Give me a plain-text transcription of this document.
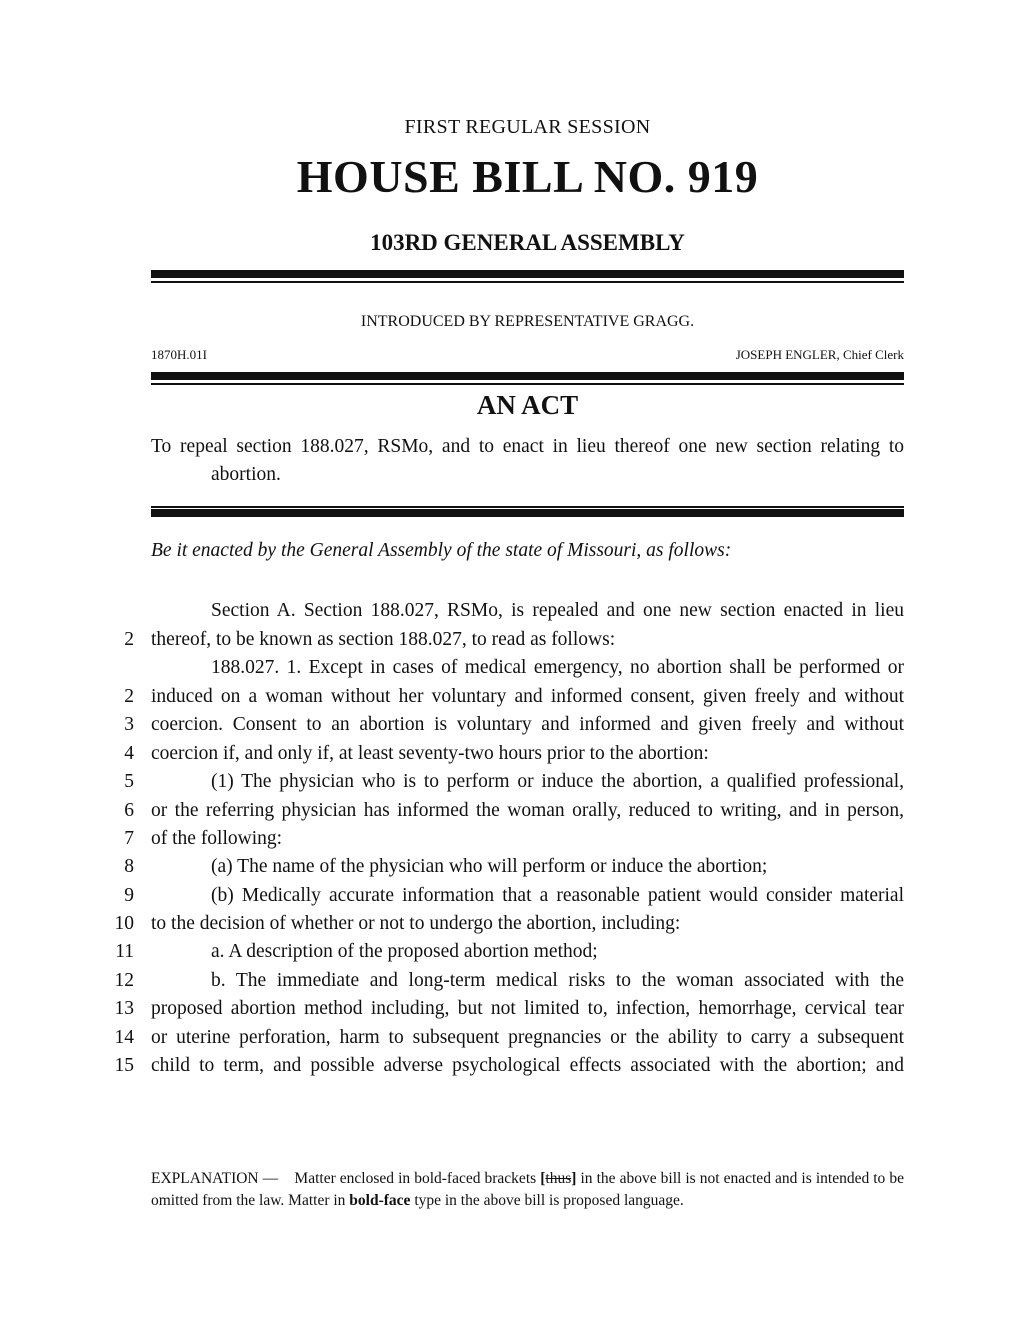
FIRST REGULAR SESSION
HOUSE BILL NO. 919
103RD GENERAL ASSEMBLY
INTRODUCED BY REPRESENTATIVE GRAGG.
1870H.01I	JOSEPH ENGLER, Chief Clerk
AN ACT
To repeal section 188.027, RSMo, and to enact in lieu thereof one new section relating to
abortion.
Be it enacted by the General Assembly of the state of Missouri, as follows:
Section A. Section 188.027, RSMo, is repealed and one new section enacted in lieu
2 thereof, to be known as section 188.027, to read as follows:
188.027. 1. Except in cases of medical emergency, no abortion shall be performed or
2 induced on a woman without her voluntary and informed consent, given freely and without
3 coercion. Consent to an abortion is voluntary and informed and given freely and without
4 coercion if, and only if, at least seventy-two hours prior to the abortion:
5	(1) The physician who is to perform or induce the abortion, a qualified professional,
6 or the referring physician has informed the woman orally, reduced to writing, and in person,
7 of the following:
8	(a) The name of the physician who will perform or induce the abortion;
9	(b) Medically accurate information that a reasonable patient would consider material
10 to the decision of whether or not to undergo the abortion, including:
11	a. A description of the proposed abortion method;
12	b. The immediate and long-term medical risks to the woman associated with the
13 proposed abortion method including, but not limited to, infection, hemorrhage, cervical tear
14 or uterine perforation, harm to subsequent pregnancies or the ability to carry a subsequent
15 child to term, and possible adverse psychological effects associated with the abortion; and
EXPLANATION — Matter enclosed in bold-faced brackets [thus] in the above bill is not enacted and is intended to be omitted from the law. Matter in bold-face type in the above bill is proposed language.
